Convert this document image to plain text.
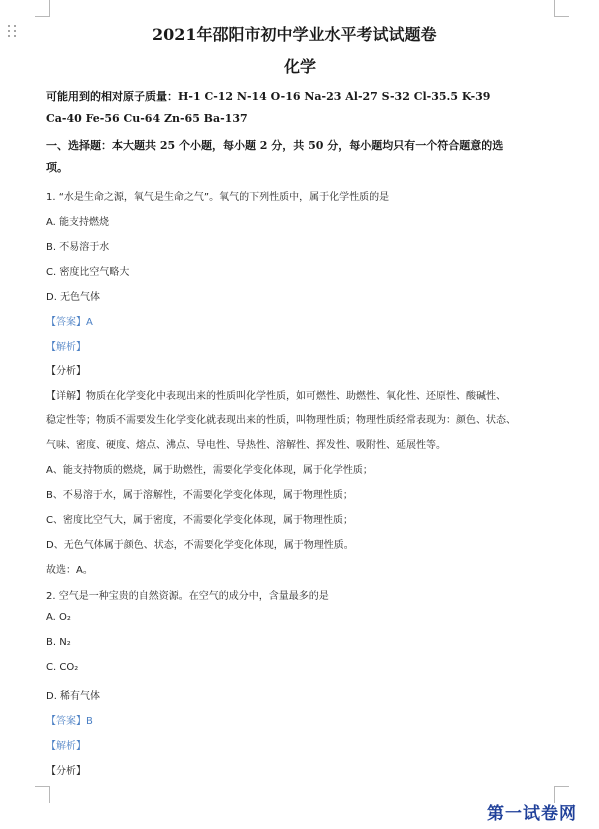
2021年邵阳市初中学业水平考试试题卷
化学
可能用到的相对原子质量：H-1 C-12 N-14 O-16 Na-23 Al-27 S-32 Cl-35.5 K-39
Ca-40 Fe-56 Cu-64 Zn-65 Ba-137
一、选择题：本大题共 25 个小题，每小题 2 分，共 50 分，每小题均只有一个符合题意的选
项。
1. “水是生命之源，氧气是生命之气”。氧气的下列性质中，属于化学性质的是
A. 能支持燃烧
B. 不易溶于水
C. 密度比空气略大
D. 无色气体
【答案】A
【解析】
【分析】
【详解】物质在化学变化中表现出来的性质叫化学性质，如可燃性、助燃性、氧化性、还原性、酸碱性、
稳定性等；物质不需要发生化学变化就表现出来的性质，叫物理性质；物理性质经常表现为：颜色、状态、
气味、密度、硬度、熔点、沸点、导电性、导热性、溶解性、挥发性、吸附性、延展性等。
A、能支持物质的燃烧，属于助燃性，需要化学变化体现，属于化学性质；
B、不易溶于水，属于溶解性，不需要化学变化体现，属于物理性质；
C、密度比空气大，属于密度，不需要化学变化体现，属于物理性质；
D、无色气体属于颜色、状态，不需要化学变化体现，属于物理性质。
故选：A。
2. 空气是一种宝贵的自然资源。在空气的成分中，含量最多的是
A. O₂
B. N₂
C. CO₂
D. 稀有气体
【答案】B
【解析】
【分析】
第一试卷网
